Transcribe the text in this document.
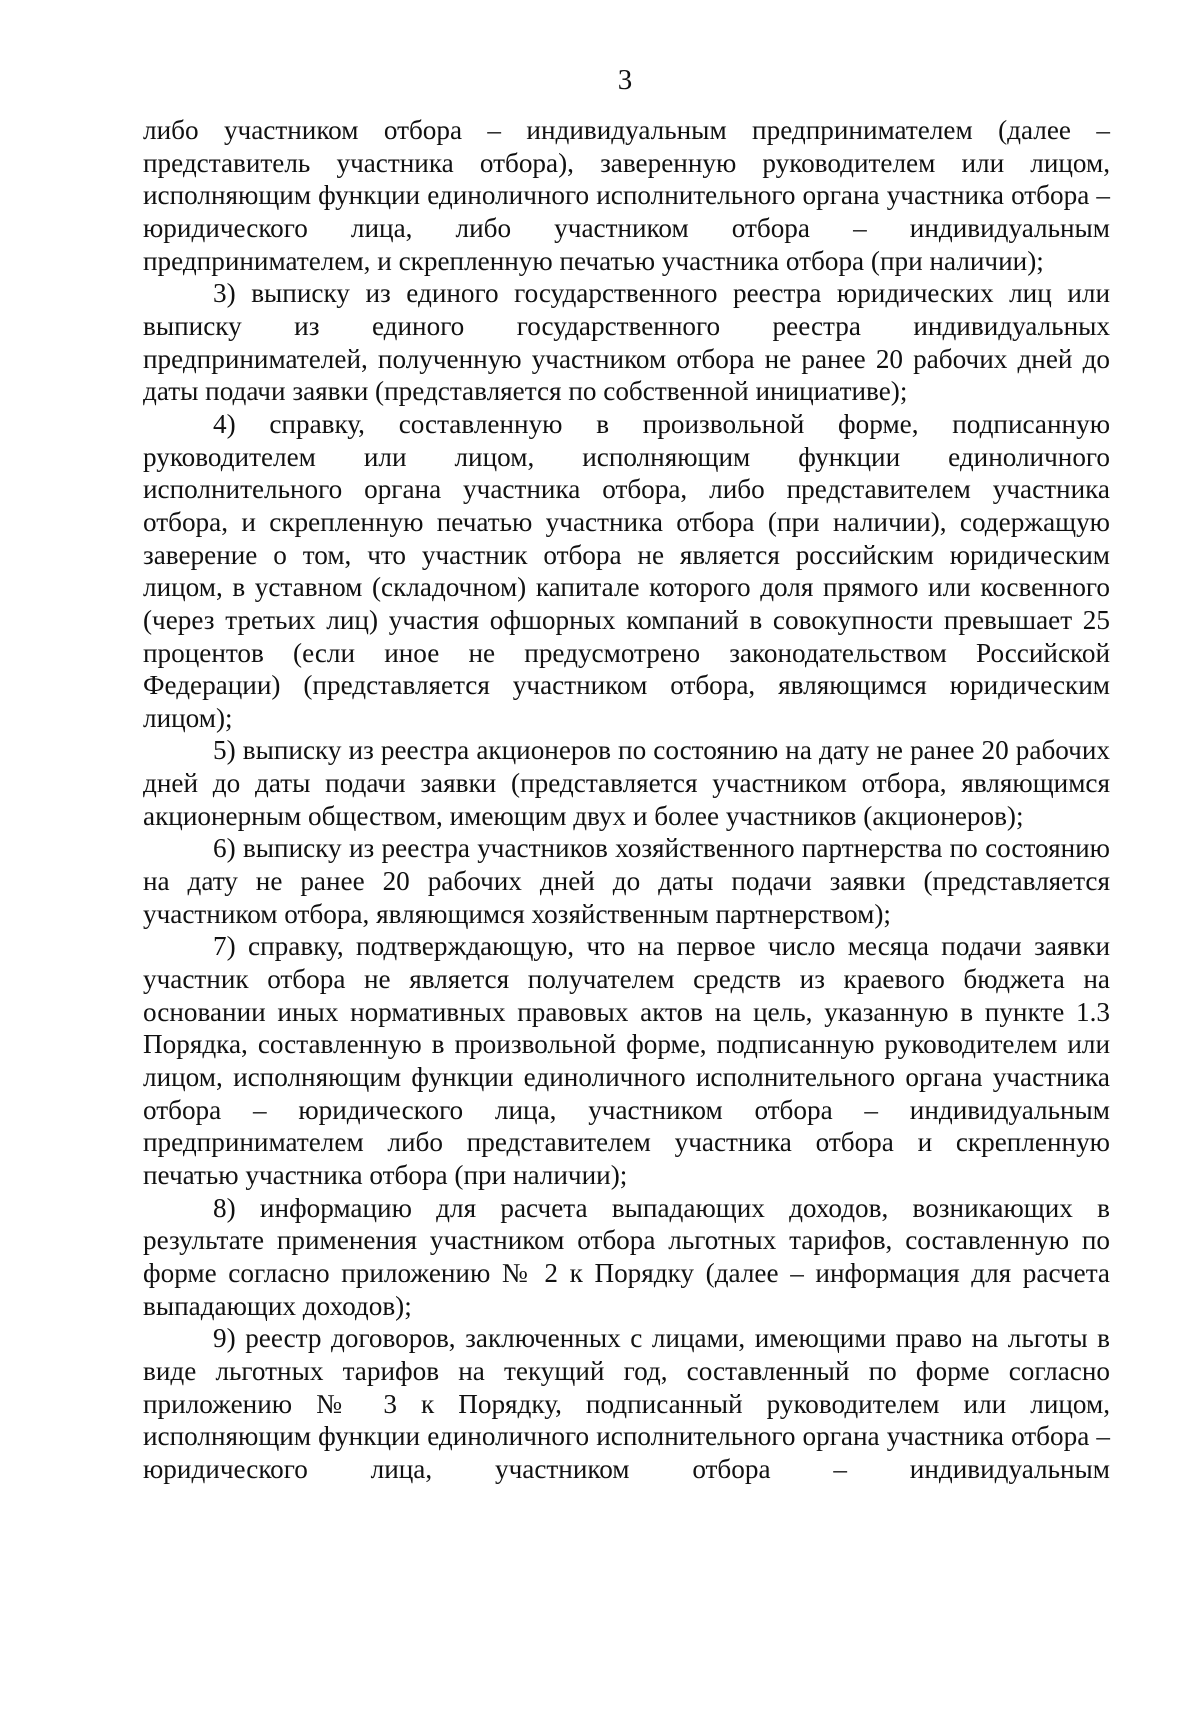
3

либо участником отбора – индивидуальным предпринимателем (далее – представитель участника отбора), заверенную руководителем или лицом, исполняющим функции единоличного исполнительного органа участника отбора – юридического лица, либо участником отбора – индивидуальным предпринимателем, и скрепленную печатью участника отбора (при наличии);

3) выписку из единого государственного реестра юридических лиц или выписку из единого государственного реестра индивидуальных предпринимателей, полученную участником отбора не ранее 20 рабочих дней до даты подачи заявки (представляется по собственной инициативе);

4) справку, составленную в произвольной форме, подписанную руководителем или лицом, исполняющим функции единоличного исполнительного органа участника отбора, либо представителем участника отбора, и скрепленную печатью участника отбора (при наличии), содержащую заверение о том, что участник отбора не является российским юридическим лицом, в уставном (складочном) капитале которого доля прямого или косвенного (через третьих лиц) участия офшорных компаний в совокупности превышает 25 процентов (если иное не предусмотрено законодательством Российской Федерации) (представляется участником отбора, являющимся юридическим лицом);

5) выписку из реестра акционеров по состоянию на дату не ранее 20 рабочих дней до даты подачи заявки (представляется участником отбора, являющимся акционерным обществом, имеющим двух и более участников (акционеров);

6) выписку из реестра участников хозяйственного партнерства по состоянию на дату не ранее 20 рабочих дней до даты подачи заявки (представляется участником отбора, являющимся хозяйственным партнерством);

7) справку, подтверждающую, что на первое число месяца подачи заявки участник отбора не является получателем средств из краевого бюджета на основании иных нормативных правовых актов на цель, указанную в пункте 1.3 Порядка, составленную в произвольной форме, подписанную руководителем или лицом, исполняющим функции единоличного исполнительного органа участника отбора – юридического лица, участником отбора – индивидуальным предпринимателем либо представителем участника отбора и скрепленную печатью участника отбора (при наличии);

8) информацию для расчета выпадающих доходов, возникающих в результате применения участником отбора льготных тарифов, составленную по форме согласно приложению № 2 к Порядку (далее – информация для расчета выпадающих доходов);

9) реестр договоров, заключенных с лицами, имеющими право на льготы в виде льготных тарифов на текущий год, составленный по форме согласно приложению № 3 к Порядку, подписанный руководителем или лицом, исполняющим функции единоличного исполнительного органа участника отбора – юридического лица, участником отбора – индивидуальным
